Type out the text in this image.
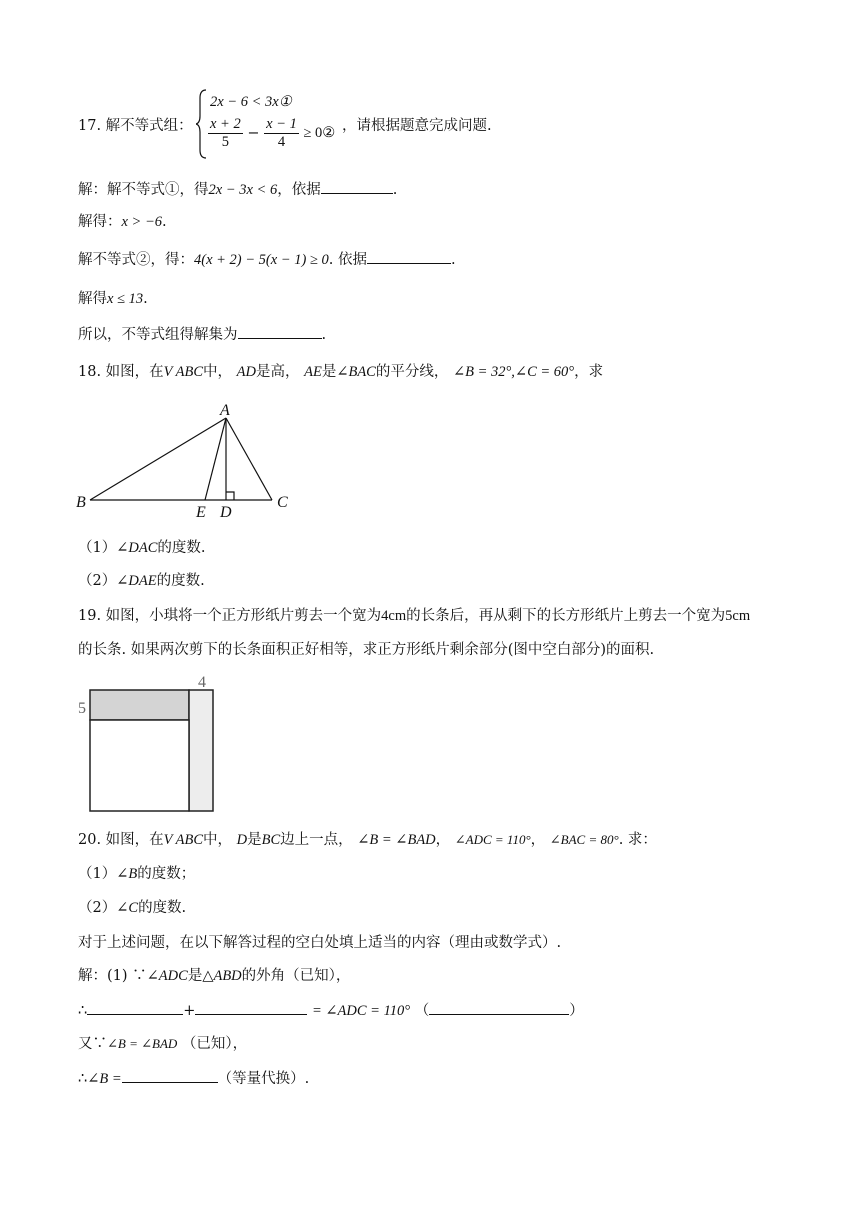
17. 解不等式组：
2x − 6 < 3x①
$\frac{x + 2}{5} - \frac{x - 1}{4}$ ≥ 0② ，请根据题意完成问题.
解：解不等式①，得2x − 3x < 6，依据	.
解得：x > −6.
解不等式②，得：4(x + 2) − 5(x − 1) ≥ 0. 依据	.
解得x ≤ 13.
所以，不等式组得解集为	.
18. 如图，在V ABC中， AD是高， AE是∠BAC的平分线， ∠B = 32°,∠C = 60°，求
A
B	C
D
E
（1）∠DAC的度数.
（2）∠DAE的度数.
19. 如图，小琪将一个正方形纸片剪去一个宽为4cm的长条后，再从剩下的长方形纸片上剪去一个宽为5cm
的长条. 如果两次剪下的长条面积正好相等，求正方形纸片剩余部分(图中空白部分)的面积.
4
5
20. 如图，在V ABC中， D是BC边上一点， ∠B = ∠BAD， ∠ADC = 110°， ∠BAC = 80°. 求：
（1）∠B的度数；
（2）∠C的度数.
对于上述问题，在以下解答过程的空白处填上适当的内容（理由或数学式）.
解：(1) ∵∠ADC是△ABD的外角（已知），
∴	+	= ∠ADC = 110° （	）
又∵∠B = ∠BAD （已知），
∴∠B =	（等量代换）.
